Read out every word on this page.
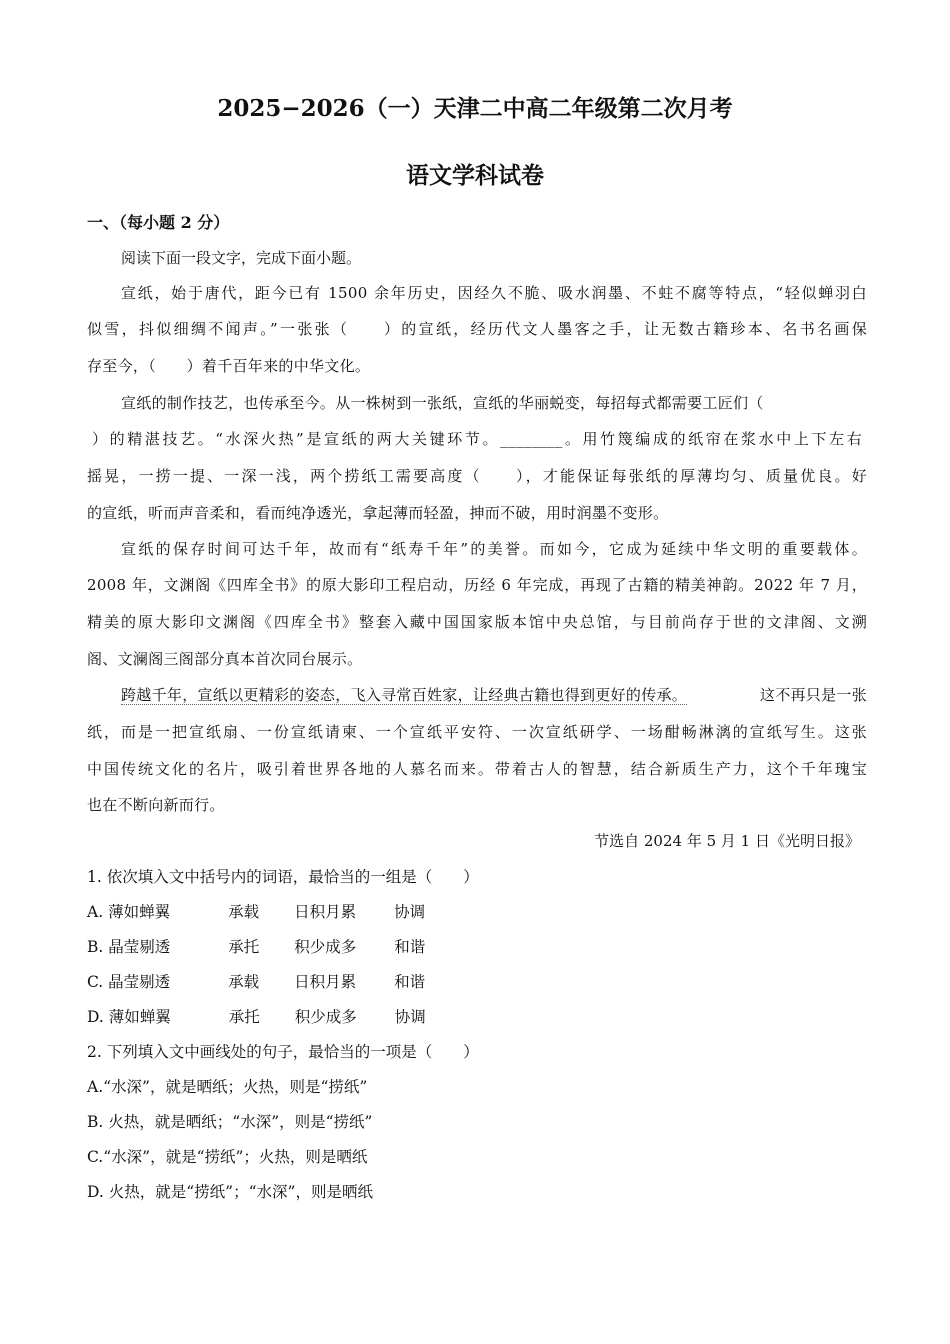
2025−2026（一）天津二中高二年级第二次月考
语文学科试卷
一、（每小题 2 分）
阅读下面一段文字，完成下面小题。
宣纸，始于唐代，距今已有 1500 余年历史，因经久不脆、吸水润墨、不蛀不腐等特点，“轻似蝉羽白
似雪，抖似细绸不闻声。”一张张（　　）的宣纸，经历代文人墨客之手，让无数古籍珍本、名书名画保
存至今，（　　）着千百年来的中华文化。
宣纸的制作技艺，也传承至今。从一株树到一张纸，宣纸的华丽蜕变，每招每式都需要工匠们（
）的精湛技艺。“水深火热”是宣纸的两大关键环节。________。用竹篾编成的纸帘在浆水中上下左右
摇晃，一捞一提、一深一浅，两个捞纸工需要高度（　　），才能保证每张纸的厚薄均匀、质量优良。好
的宣纸，听而声音柔和，看而纯净透光，拿起薄而轻盈，抻而不破，用时润墨不变形。
宣纸的保存时间可达千年，故而有“纸寿千年”的美誉。而如今，它成为延续中华文明的重要载体。
2008 年，文渊阁《四库全书》的原大影印工程启动，历经 6 年完成，再现了古籍的精美神韵。2022 年 7 月，
精美的原大影印文渊阁《四库全书》整套入藏中国国家版本馆中央总馆，与目前尚存于世的文津阁、文溯
阁、文澜阁三阁部分真本首次同台展示。
跨越千年，宣纸以更精彩的姿态，飞入寻常百姓家，让经典古籍也得到更好的传承。	这不再只是一张
纸，而是一把宣纸扇、一份宣纸请柬、一个宣纸平安符、一次宣纸研学、一场酣畅淋漓的宣纸写生。这张
中国传统文化的名片，吸引着世界各地的人慕名而来。带着古人的智慧，结合新质生产力，这个千年瑰宝
也在不断向新而行。
节选自 2024 年 5 月 1 日《光明日报》
1. 依次填入文中括号内的词语，最恰当的一组是（　　）
A. 薄如蝉翼	承载 日积月累 协调
B. 晶莹剔透	承托 积少成多 和谐
C. 晶莹剔透	承载 日积月累 和谐
D. 薄如蝉翼	承托 积少成多 协调
2. 下列填入文中画线处的句子，最恰当的一项是（　　）
A.“水深”，就是晒纸；火热，则是“捞纸”
B. 火热，就是晒纸；“水深”，则是“捞纸”
C.“水深”，就是“捞纸”；火热，则是晒纸
D. 火热，就是“捞纸”；“水深”，则是晒纸
